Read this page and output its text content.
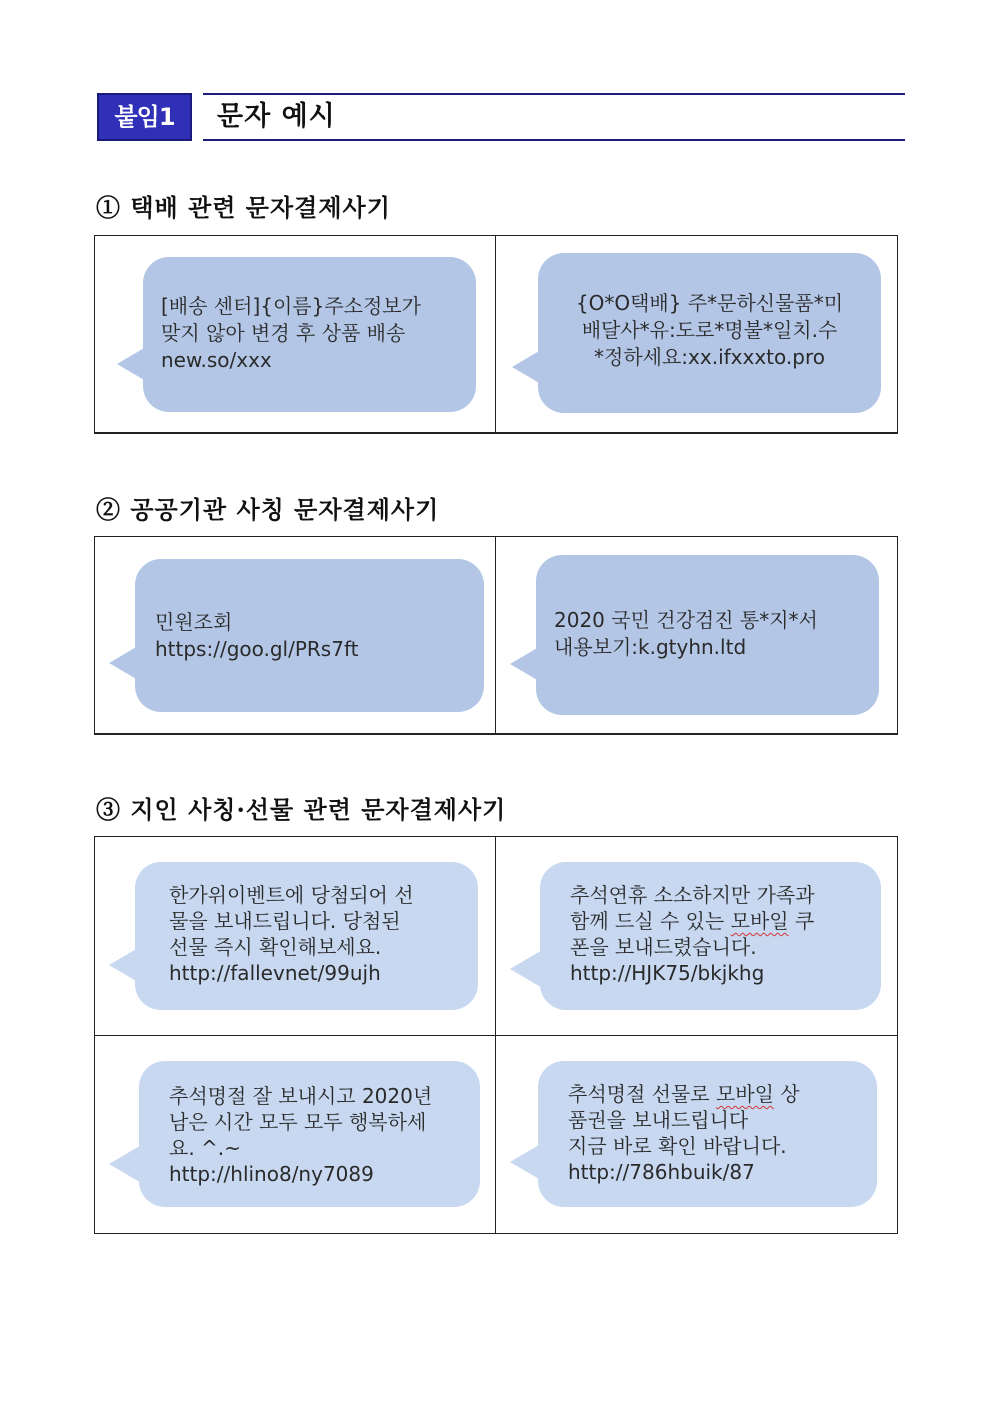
붙임1	문자 예시
① 택배 관련 문자결제사기
[배송 센터]{이름}주소정보가
맞지 않아 변경 후 상품 배송
new.so/xxx
{O*O택배} 주*문하신물품*미
배달사*유:도로*명불*일치.수
*정하세요:xx.ifxxxto.pro
② 공공기관 사칭 문자결제사기
민원조회
https://goo.gl/PRs7ft
2020 국민 건강검진 통*지*서
내용보기:k.gtyhn.ltd
③ 지인 사칭·선물 관련 문자결제사기
한가위이벤트에 당첨되어 선
물을 보내드립니다. 당첨된
선물 즉시 확인해보세요.
http://fallevnet/99ujh
추석연휴 소소하지만 가족과
함께 드실 수 있는 모바일 쿠
폰을 보내드렸습니다.
http://HJK75/bkjkhg
추석명절 잘 보내시고 2020년
남은 시간 모두 모두 행복하세
요. ^.~
http://hlino8/ny7089
추석명절 선물로 모바일 상
품권을 보내드립니다
지금 바로 확인 바랍니다.
http://786hbuik/87
